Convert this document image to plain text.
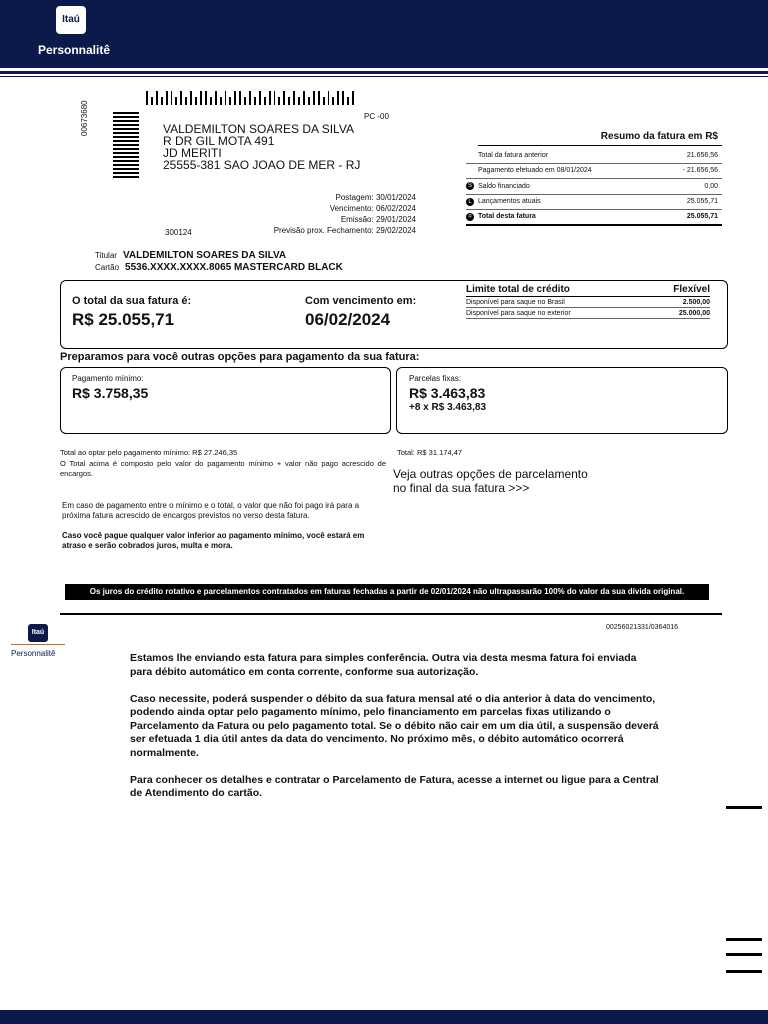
Itaú
Personnalitê
00673680	PC -00
VALDEMILTON SOARES DA SILVA
R DR GIL MOTA 491
JD MERITI
25555-381 SAO JOAO DE MER - RJ
Postagem: 30/01/2024
Vencimento: 06/02/2024
Emissão: 29/01/2024
Previsão prox. Fechamento: 29/02/2024
300124
Resumo da fatura em R$
Total da fatura anterior	21.656,56
Pagamento efetuado em 08/01/2024	- 21.656,56
S Saldo financiado	0,00
L Lançamentos atuais	25.055,71
= Total desta fatura	25.055,71
Titular VALDEMILTON SOARES DA SILVA
Cartão 5536.XXXX.XXXX.8065 MASTERCARD BLACK
O total da sua fatura é:
R$ 25.055,71
Com vencimento em:
06/02/2024
Limite total de crédito	Flexível
Disponível para saque no Brasil	2.500,00
Disponível para saque no exterior	25.000,00
Preparamos para você outras opções para pagamento da sua fatura:
Pagamento mínimo:
R$ 3.758,35
Parcelas fixas:
R$ 3.463,83
+8 x R$ 3.463,83
Total ao optar pelo pagamento mínimo: R$ 27.246,35
O Total acima é composto pelo valor do pagamento mínimo + valor não pago acrescido de encargos.
Total: R$ 31.174,47
Veja outras opções de parcelamento
no final da sua fatura >>>
Em caso de pagamento entre o mínimo e o total, o valor que não foi pago irá para a próxima fatura acrescido de encargos previstos no verso desta fatura.
Caso você pague qualquer valor inferior ao pagamento mínimo, você estará em atraso e serão cobrados juros, multa e mora.
Os juros do crédito rotativo e parcelamentos contratados em faturas fechadas a partir de 02/01/2024 não ultrapassarão 100% do valor da sua dívida original.
00256021331/0364016
Itaú
Personnalitê	Estamos lhe enviando esta fatura para simples conferência. Outra via desta mesma fatura foi enviada para débito automático em conta corrente, conforme sua autorização.

Caso necessite, poderá suspender o débito da sua fatura mensal até o dia anterior à data do vencimento, podendo ainda optar pelo pagamento mínimo, pelo financiamento em parcelas fixas utilizando o Parcelamento da Fatura ou pelo pagamento total. Se o débito não cair em um dia útil, a suspensão deverá ser efetuada 1 dia útil antes da data do vencimento. No próximo mês, o débito automático ocorrerá normalmente.

Para conhecer os detalhes e contratar o Parcelamento de Fatura, acesse a internet ou ligue para a Central de Atendimento do cartão.
